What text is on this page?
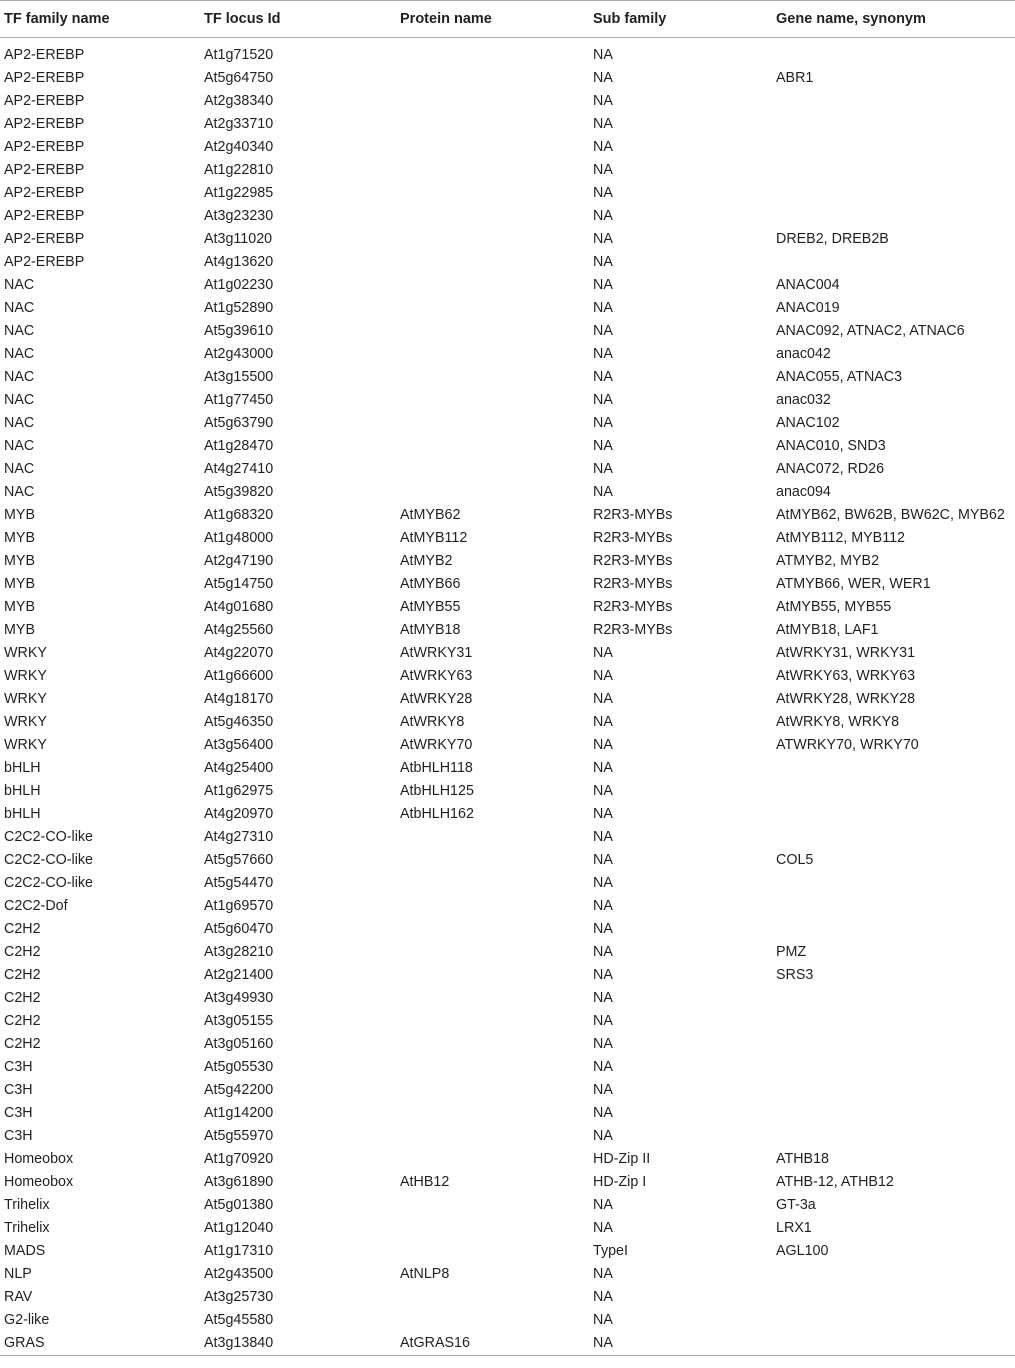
TF family name	TF locus Id	Protein name	Sub family	Gene name, synonym
AP2-EREBP	At1g71520		NA	
AP2-EREBP	At5g64750		NA	ABR1
AP2-EREBP	At2g38340		NA	
AP2-EREBP	At2g33710		NA	
AP2-EREBP	At2g40340		NA	
AP2-EREBP	At1g22810		NA	
AP2-EREBP	At1g22985		NA	
AP2-EREBP	At3g23230		NA	
AP2-EREBP	At3g11020		NA	DREB2, DREB2B
AP2-EREBP	At4g13620		NA	
NAC	At1g02230		NA	ANAC004
NAC	At1g52890		NA	ANAC019
NAC	At5g39610		NA	ANAC092, ATNAC2, ATNAC6
NAC	At2g43000		NA	anac042
NAC	At3g15500		NA	ANAC055, ATNAC3
NAC	At1g77450		NA	anac032
NAC	At5g63790		NA	ANAC102
NAC	At1g28470		NA	ANAC010, SND3
NAC	At4g27410		NA	ANAC072, RD26
NAC	At5g39820		NA	anac094
MYB	At1g68320	AtMYB62	R2R3-MYBs	AtMYB62, BW62B, BW62C, MYB62
MYB	At1g48000	AtMYB112	R2R3-MYBs	AtMYB112, MYB112
MYB	At2g47190	AtMYB2	R2R3-MYBs	ATMYB2, MYB2
MYB	At5g14750	AtMYB66	R2R3-MYBs	ATMYB66, WER, WER1
MYB	At4g01680	AtMYB55	R2R3-MYBs	AtMYB55, MYB55
MYB	At4g25560	AtMYB18	R2R3-MYBs	AtMYB18, LAF1
WRKY	At4g22070	AtWRKY31	NA	AtWRKY31, WRKY31
WRKY	At1g66600	AtWRKY63	NA	AtWRKY63, WRKY63
WRKY	At4g18170	AtWRKY28	NA	AtWRKY28, WRKY28
WRKY	At5g46350	AtWRKY8	NA	AtWRKY8, WRKY8
WRKY	At3g56400	AtWRKY70	NA	ATWRKY70, WRKY70
bHLH	At4g25400	AtbHLH118	NA	
bHLH	At1g62975	AtbHLH125	NA	
bHLH	At4g20970	AtbHLH162	NA	
C2C2-CO-like	At4g27310		NA	
C2C2-CO-like	At5g57660		NA	COL5
C2C2-CO-like	At5g54470		NA	
C2C2-Dof	At1g69570		NA	
C2H2	At5g60470		NA	
C2H2	At3g28210		NA	PMZ
C2H2	At2g21400		NA	SRS3
C2H2	At3g49930		NA	
C2H2	At3g05155		NA	
C2H2	At3g05160		NA	
C3H	At5g05530		NA	
C3H	At5g42200		NA	
C3H	At1g14200		NA	
C3H	At5g55970		NA	
Homeobox	At1g70920		HD-Zip II	ATHB18
Homeobox	At3g61890	AtHB12	HD-Zip I	ATHB-12, ATHB12
Trihelix	At5g01380		NA	GT-3a
Trihelix	At1g12040		NA	LRX1
MADS	At1g17310		TypeI	AGL100
NLP	At2g43500	AtNLP8	NA	
RAV	At3g25730		NA	
G2-like	At5g45580		NA	
GRAS	At3g13840	AtGRAS16	NA	
